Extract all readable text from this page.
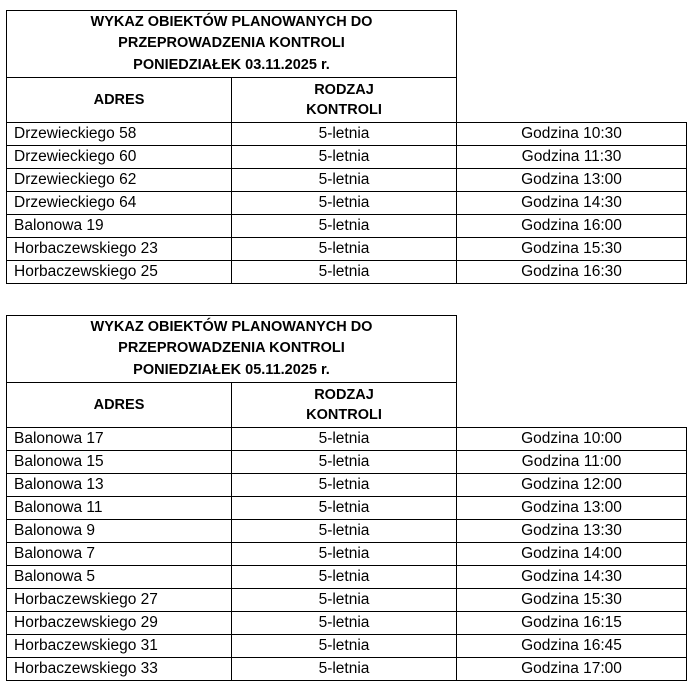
WYKAZ OBIEKTÓW PLANOWANYCH DO
PRZEPROWADZENIA KONTROLI
PONIEDZIAŁEK 03.11.2025 r.		

ADRES	RODZAJ
KONTROLI	

Drzewieckiego 58	5-letnia	Godzina 10:30
Drzewieckiego 60	5-letnia	Godzina 11:30
Drzewieckiego 62	5-letnia	Godzina 13:00
Drzewieckiego 64	5-letnia	Godzina 14:30
Balonowa 19	5-letnia	Godzina 16:00
Horbaczewskiego 23	5-letnia	Godzina 15:30
Horbaczewskiego 25	5-letnia	Godzina 16:30
WYKAZ OBIEKTÓW PLANOWANYCH DO
PRZEPROWADZENIA KONTROLI
PONIEDZIAŁEK 05.11.2025 r.		

ADRES	RODZAJ
KONTROLI	

Balonowa 17	5-letnia	Godzina 10:00
Balonowa 15	5-letnia	Godzina 11:00
Balonowa 13	5-letnia	Godzina 12:00
Balonowa 11	5-letnia	Godzina 13:00
Balonowa 9	5-letnia	Godzina 13:30
Balonowa 7	5-letnia	Godzina 14:00
Balonowa 5	5-letnia	Godzina 14:30
Horbaczewskiego 27	5-letnia	Godzina 15:30
Horbaczewskiego 29	5-letnia	Godzina 16:15
Horbaczewskiego 31	5-letnia	Godzina 16:45
Horbaczewskiego 33	5-letnia	Godzina 17:00
